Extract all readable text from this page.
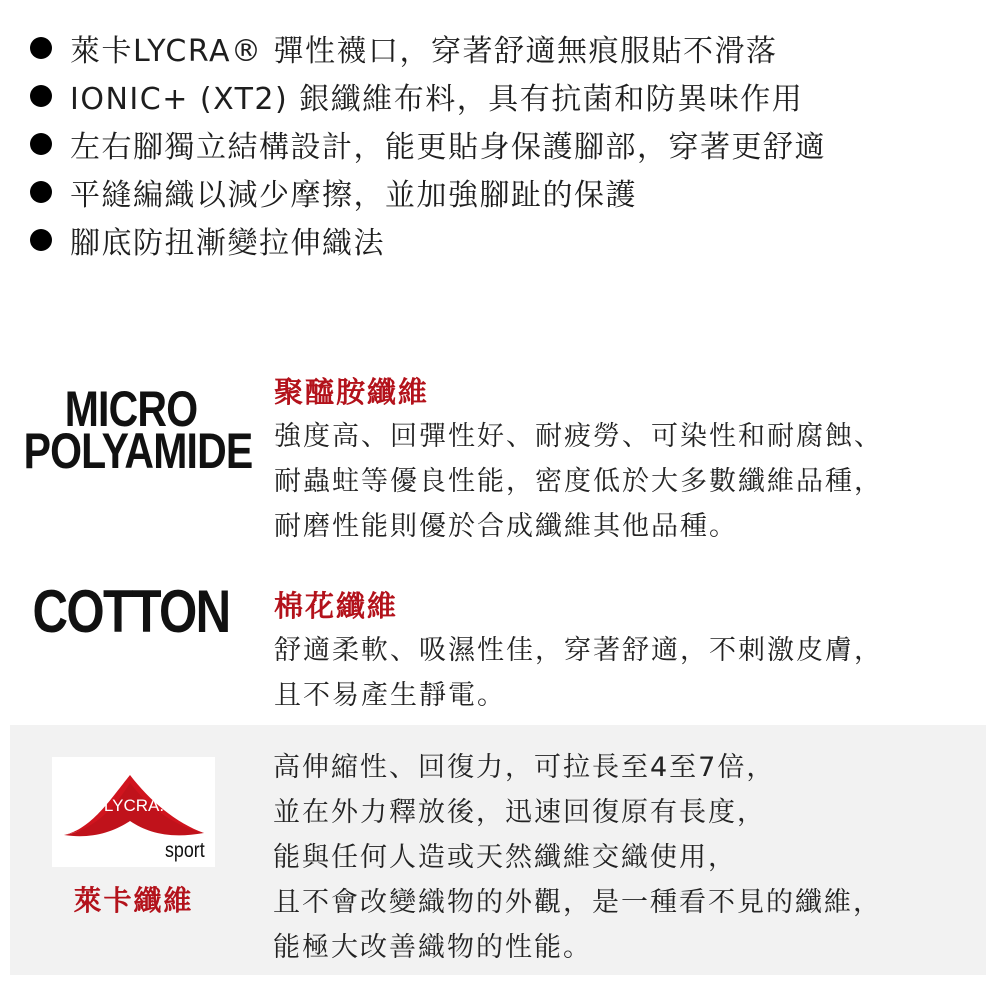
萊卡LYCRA® 彈性襪口，穿著舒適無痕服貼不滑落
IONIC+ (XT2) 銀纖維布料，具有抗菌和防異味作用
左右腳獨立結構設計，能更貼身保護腳部，穿著更舒適
平縫編織以減少摩擦，並加強腳趾的保護
腳底防扭漸變拉伸織法
MICRO
POLYAMIDE
聚醯胺纖維
強度高、回彈性好、耐疲勞、可染性和耐腐蝕、
耐蟲蛀等優良性能，密度低於大多數纖維品種，
耐磨性能則優於合成纖維其他品種。
COTTON	棉花纖維
舒適柔軟、吸濕性佳，穿著舒適，不刺激皮膚，
且不易產生靜電。
LYCRA.
sport
萊卡纖維
高伸縮性、回復力，可拉長至4至7倍，
並在外力釋放後，迅速回復原有長度，
能與任何人造或天然纖維交織使用，
且不會改變織物的外觀，是一種看不見的纖維，
能極大改善織物的性能。
